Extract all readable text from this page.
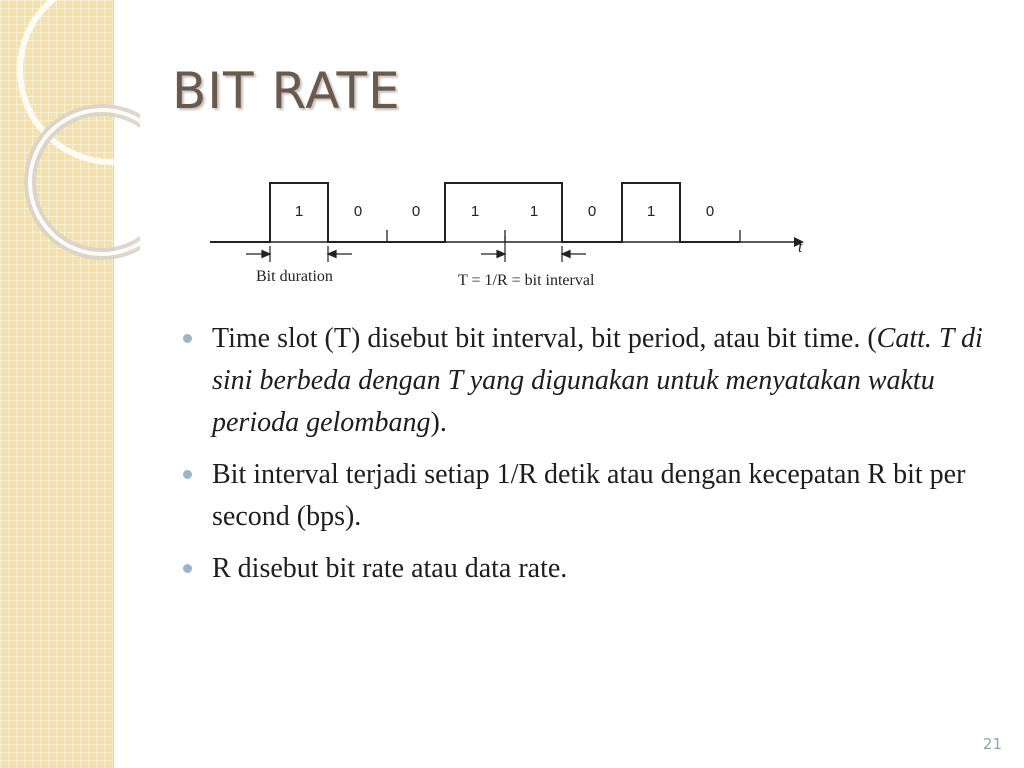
BIT RATE
1	0	0	1	1	0	1	0
t
Bit duration	T = 1/R = bit interval
Time slot (T) disebut bit interval, bit period, atau bit time. (Catt. T di sini berbeda dengan T yang digunakan untuk menyatakan waktu perioda gelombang).
Bit interval terjadi setiap 1/R detik atau dengan kecepatan R bit per second (bps).
R disebut bit rate atau data rate.
21
